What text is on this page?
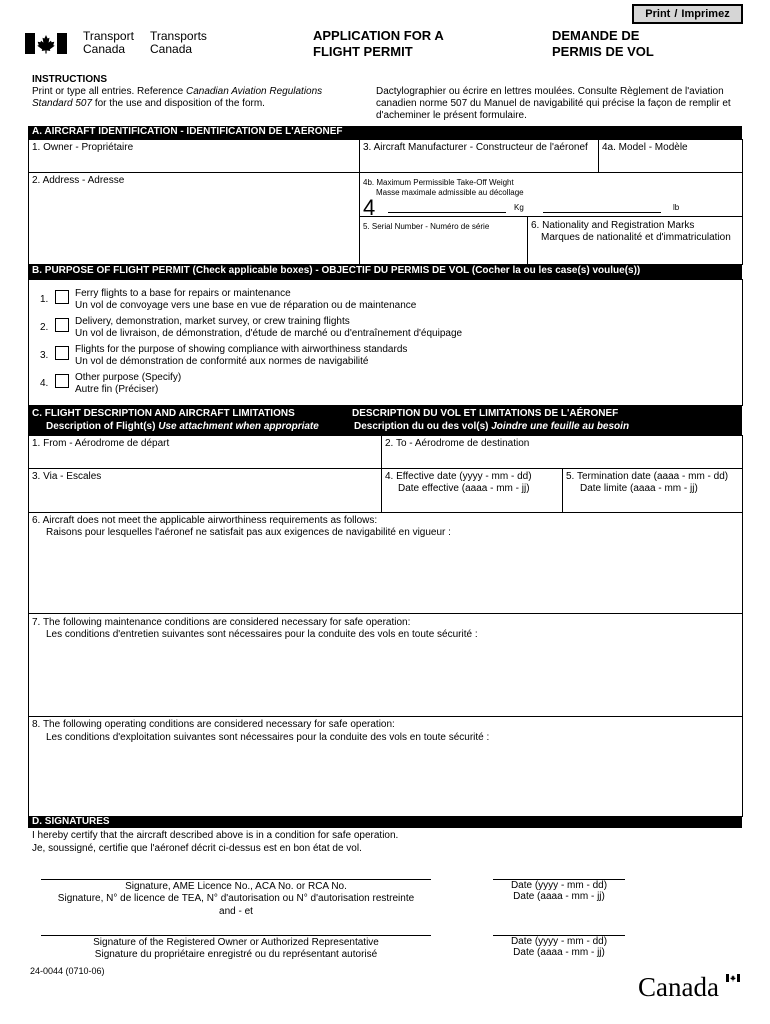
Print / Imprimez
Transport
Canada
Transports
Canada
APPLICATION FOR A
FLIGHT PERMIT
DEMANDE DE
PERMIS DE VOL
INSTRUCTIONS
Print or type all entries. Reference Canadian Aviation Regulations
Standard 507 for the use and disposition of the form.
Dactylographier ou écrire en lettres moulées. Consulte Règlement de l'aviation
canadien norme 507 du Manuel de navigabilité qui précise la façon de remplir et
d'acheminer le présent formulaire.
A. AIRCRAFT IDENTIFICATION - IDENTIFICATION DE L'AÉRONEF
1. Owner - Propriétaire	3. Aircraft Manufacturer - Constructeur de l'aéronef 4a. Model - Modèle
2. Address - Adresse	4b. Maximum Permissible Take-Off Weight
Masse maximale admissible au décollage
4	Kg	lb
5. Serial Number - Numéro de série	6. Nationality and Registration Marks
Marques de nationalité et d'immatriculation
B. PURPOSE OF FLIGHT PERMIT (Check applicable boxes) - OBJECTIF DU PERMIS DE VOL (Cocher la ou les case(s) voulue(s))
1.
Ferry flights to a base for repairs or maintenance
Un vol de convoyage vers une base en vue de réparation ou de maintenance
2.
Delivery, demonstration, market survey, or crew training flights
Un vol de livraison, de démonstration, d'étude de marché ou d'entraînement d'équipage
3.
Flights for the purpose of showing compliance with airworthiness standards
Un vol de démonstration de conformité aux normes de navigabilité
4.
Other purpose (Specify)
Autre fin (Préciser)
C. FLIGHT DESCRIPTION AND AIRCRAFT LIMITATIONS
Description of Flight(s) Use attachment when appropriate
DESCRIPTION DU VOL ET LIMITATIONS DE L'AÉRONEF
Description du ou des vol(s) Joindre une feuille au besoin
1. From - Aérodrome de départ	2. To - Aérodrome de destination
3. Via - Escales	4. Effective date (yyyy - mm - dd)
Date effective (aaaa - mm - jj)
5. Termination date (aaaa - mm - dd)
Date limite (aaaa - mm - jj)
6. Aircraft does not meet the applicable airworthiness requirements as follows:
Raisons pour lesquelles l'aéronef ne satisfait pas aux exigences de navigabilité en vigueur :
7. The following maintenance conditions are considered necessary for safe operation:
Les conditions d'entretien suivantes sont nécessaires pour la conduite des vols en toute sécurité :
8. The following operating conditions are considered necessary for safe operation:
Les conditions d'exploitation suivantes sont nécessaires pour la conduite des vols en toute sécurité :
D. SIGNATURES
I hereby certify that the aircraft described above is in a condition for safe operation.
Je, soussigné, certifie que l'aéronef décrit ci-dessus est en bon état de vol.
Signature, AME Licence No., ACA No. or RCA No.
Signature, N° de licence de TEA, N° d'autorisation ou N° d'autorisation restreinte
and - et
Date (yyyy - mm - dd)
Date (aaaa - mm - jj)
Signature of the Registered Owner or Authorized Representative
Signature du propriétaire enregistré ou du représentant autorisé
Date (yyyy - mm - dd)
Date (aaaa - mm - jj)
24-0044 (0710-06)
Canada
